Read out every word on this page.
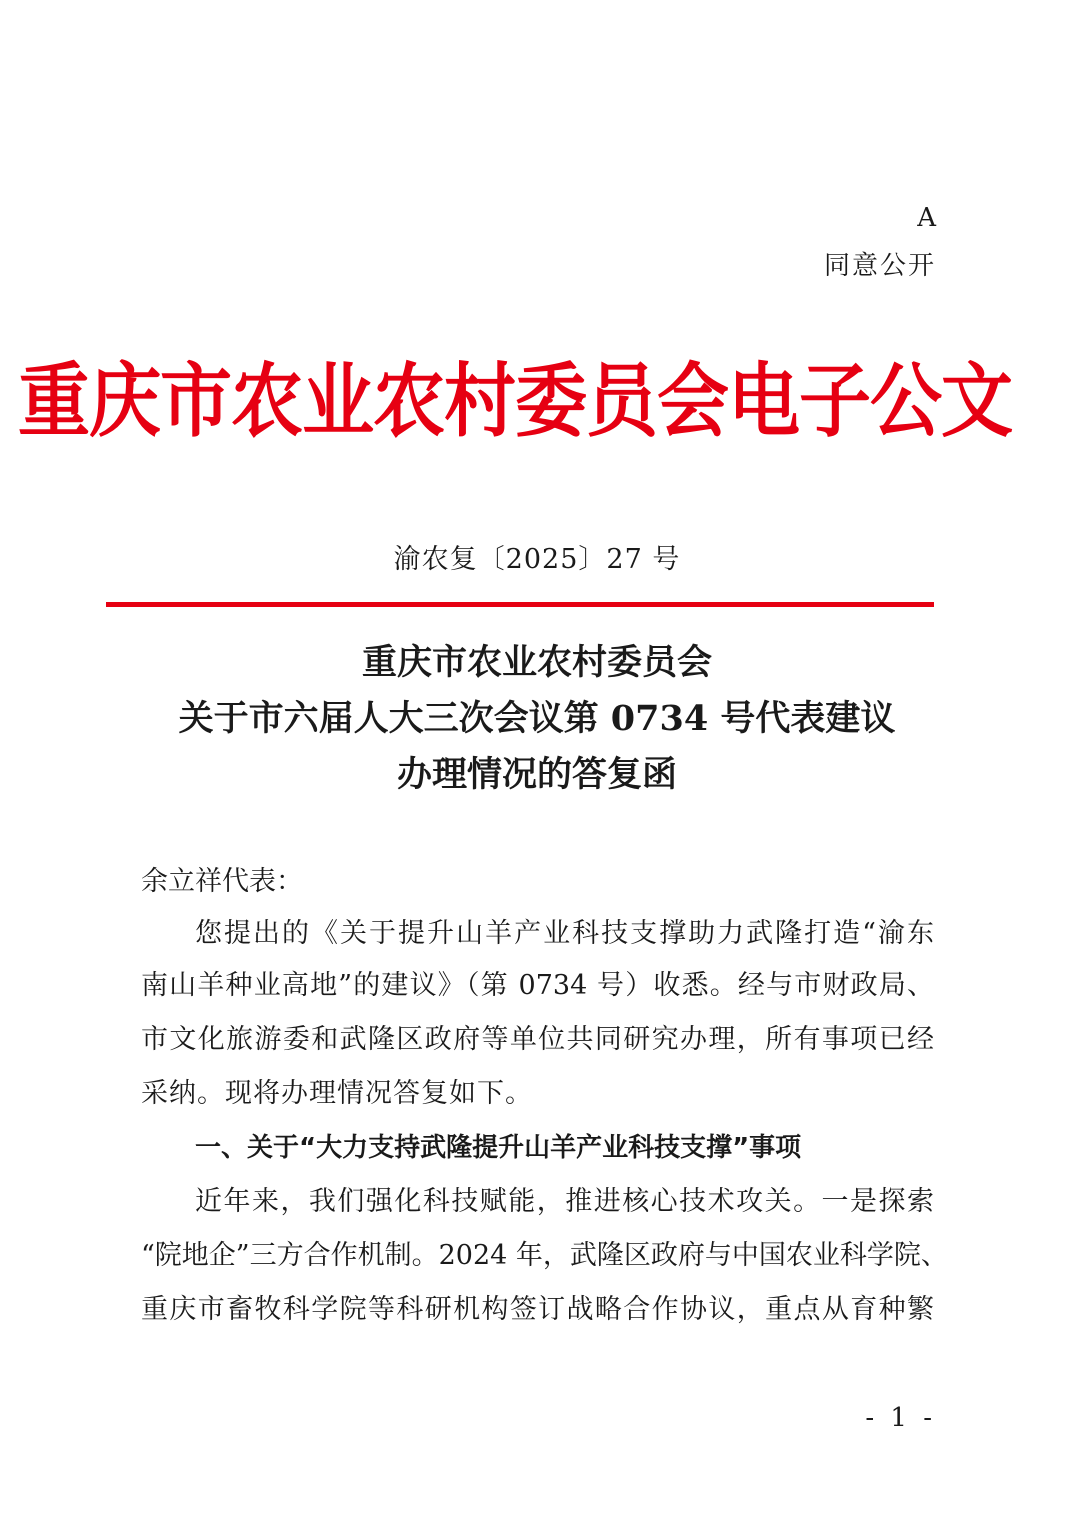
A
同意公开
重庆市农业农村委员会电子公文
渝农复〔2025〕27 号
重庆市农业农村委员会
关于市六届人大三次会议第 0734 号代表建议
办理情况的答复函
余立祥代表：
您提出的《关于提升山羊产业科技支撑助力武隆打造“渝东
南山羊种业高地”的建议》（第 0734 号）收悉。经与市财政局、
市文化旅游委和武隆区政府等单位共同研究办理，所有事项已经
采纳。现将办理情况答复如下。
一、关于“大力支持武隆提升山羊产业科技支撑”事项
近年来，我们强化科技赋能，推进核心技术攻关。一是探索
“院地企”三方合作机制。2024 年，武隆区政府与中国农业科学院、
重庆市畜牧科学院等科研机构签订战略合作协议，重点从育种繁
- 1 -
